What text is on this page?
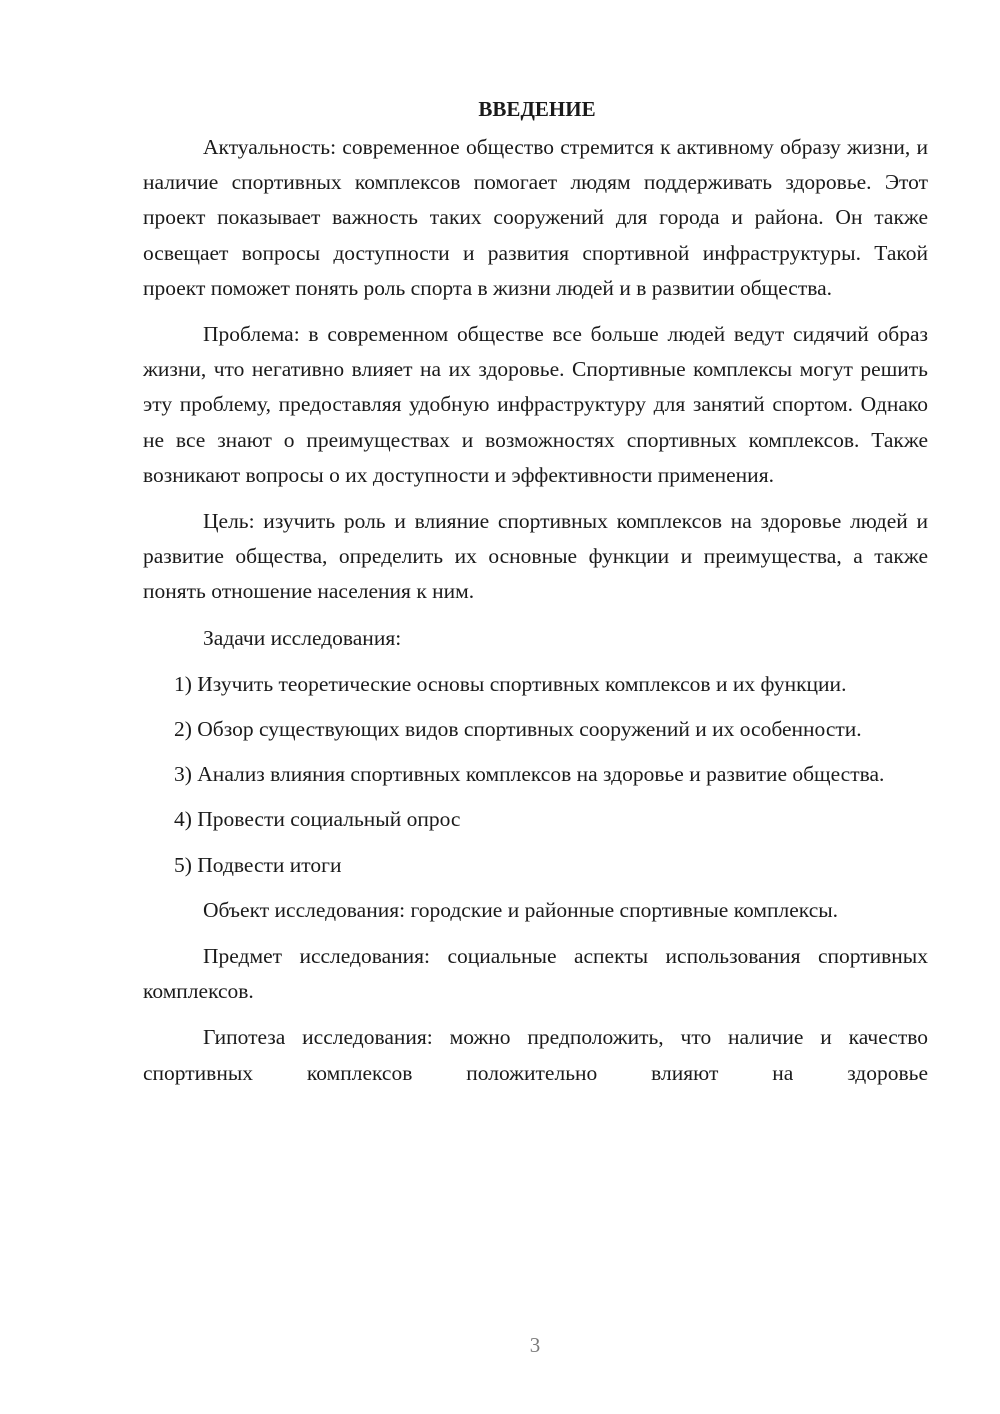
ВВЕДЕНИЕ

Актуальность: современное общество стремится к активному образу жизни, и наличие спортивных комплексов помогает людям поддерживать здоровье. Этот проект показывает важность таких сооружений для города и района. Он также освещает вопросы доступности и развития спортивной инфраструктуры. Такой проект поможет понять роль спорта в жизни людей и в развитии общества.

Проблема: в современном обществе все больше людей ведут сидячий образ жизни, что негативно влияет на их здоровье. Спортивные комплексы могут решить эту проблему, предоставляя удобную инфраструктуру для занятий спортом. Однако не все знают о преимуществах и возможностях спортивных комплексов. Также возникают вопросы о их доступности и эффективности применения.

Цель: изучить роль и влияние спортивных комплексов на здоровье людей и развитие общества, определить их основные функции и преимущества, а также понять отношение населения к ним.

Задачи исследования:

1) Изучить теоретические основы спортивных комплексов и их функции.

2) Обзор существующих видов спортивных сооружений и их особенности.

3) Анализ влияния спортивных комплексов на здоровье и развитие общества.

4) Провести социальный опрос

5) Подвести итоги

Объект исследования: городские и районные спортивные комплексы.

Предмет исследования: социальные аспекты использования спортивных комплексов.

Гипотеза исследования: можно предположить, что наличие и качество спортивных комплексов положительно влияют на здоровье

3
